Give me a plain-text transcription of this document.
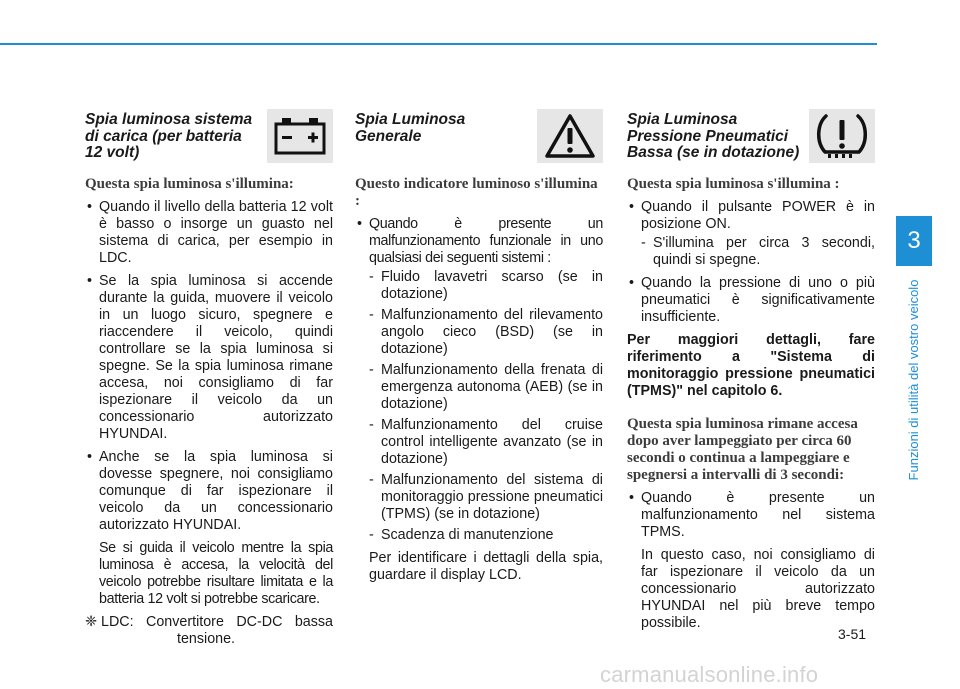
Spia luminosa sistema di carica (per batteria 12 volt)

Questa spia luminosa s'illumina:

• Quando il livello della batteria 12 volt è basso o insorge un guasto nel sistema di carica, per esempio in LDC.
• Se la spia luminosa si accende durante la guida, muovere il veicolo in un luogo sicuro, spegnere e riaccendere il veicolo, quindi controllare se la spia luminosa si spegne. Se la spia luminosa rimane accesa, noi consigliamo di far ispezionare il veicolo da un concessionario autorizzato HYUNDAI.
• Anche se la spia luminosa si dovesse spegnere, noi consigliamo comunque di far ispezionare il veicolo da un concessionario autorizzato HYUNDAI.

Se si guida il veicolo mentre la spia luminosa è accesa, la velocità del veicolo potrebbe risultare limitata e la batteria 12 volt si potrebbe scaricare.

❈ LDC: Convertitore DC-DC bassa tensione.
Spia Luminosa Generale

Questo indicatore luminoso s'illumina :

• Quando è presente un malfunzionamento funzionale in uno qualsiasi dei seguenti sistemi :
- Fluido lavavetri scarso (se in dotazione)
- Malfunzionamento del rilevamento angolo cieco (BSD) (se in dotazione)
- Malfunzionamento della frenata di emergenza autonoma (AEB) (se in dotazione)
- Malfunzionamento del cruise control intelligente avanzato (se in dotazione)
- Malfunzionamento del sistema di monitoraggio pressione pneumatici (TPMS) (se in dotazione)
- Scadenza di manutenzione

Per identificare i dettagli della spia, guardare il display LCD.

Spia Luminosa Pressione Pneumatici Bassa (se in dotazione)

Questa spia luminosa s'illumina :

• Quando il pulsante POWER è in posizione ON.
- S'illumina per circa 3 secondi, quindi si spegne.
• Quando la pressione di uno o più pneumatici è significativamente insufficiente.

Per maggiori dettagli, fare riferimento a "Sistema di monitoraggio pressione pneumatici (TPMS)" nel capitolo 6.

Questa spia luminosa rimane accesa dopo aver lampeggiato per circa 60 secondi o continua a lampeggiare e spegnersi a intervalli di 3 secondi:

• Quando è presente un malfunzionamento nel sistema TPMS.

In questo caso, noi consigliamo di far ispezionare il veicolo da un concessionario autorizzato HYUNDAI nel più breve tempo possibile.

3
Funzioni di utilità del vostro veicolo
3-51
carmanualsonline.info
